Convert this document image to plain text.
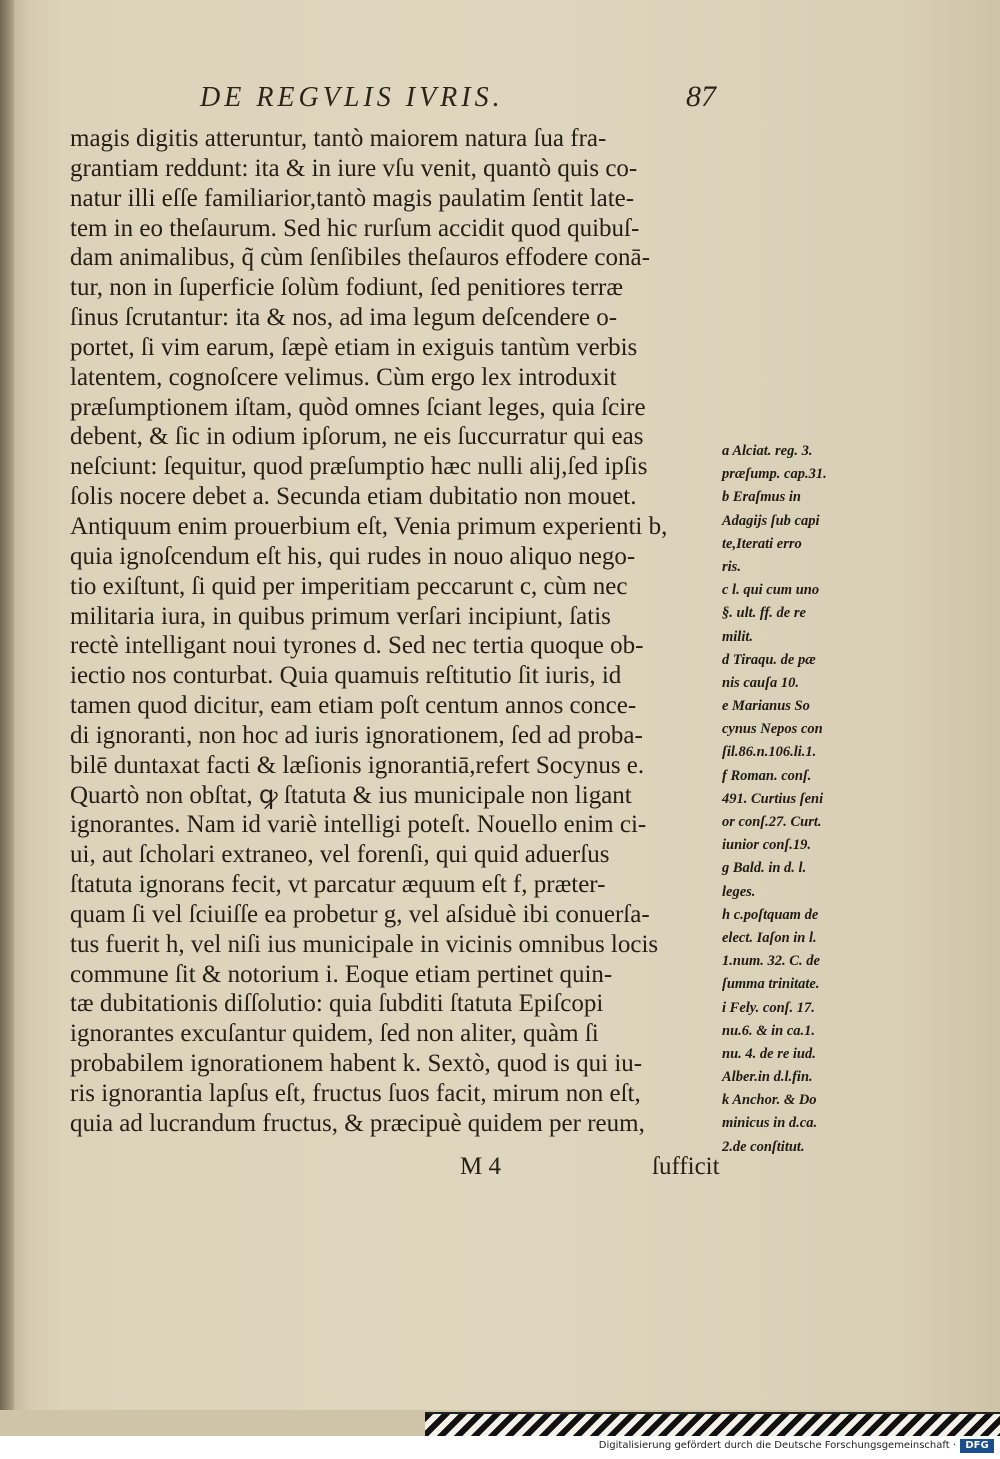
DE REGVLIS IVRIS.	87
magis digitis atteruntur, tantò maiorem natura ſua fra-
grantiam reddunt: ita & in iure vſu venit, quantò quis co-
natur illi eſſe familiarior,tantò magis paulatim ſentit late-
tem in eo theſaurum. Sed hic rurſum accidit quod quibuſ-
dam animalibus, q̃ cùm ſenſibiles theſauros effodere conā-
tur, non in ſuperficie ſolùm fodiunt, ſed penitiores terræ
ſinus ſcrutantur: ita & nos, ad ima legum deſcendere o-
portet, ſi vim earum, ſæpè etiam in exiguis tantùm verbis
latentem, cognoſcere velimus. Cùm ergo lex introduxit
præſumptionem iſtam, quòd omnes ſciant leges, quia ſcire
debent, & ſic in odium ipſorum, ne eis ſuccurratur qui eas
neſciunt: ſequitur, quod præſumptio hæc nulli alij,ſed ipſis
ſolis nocere debet a. Secunda etiam dubitatio non mouet.
Antiquum enim prouerbium eſt, Venia primum experienti b,
quia ignoſcendum eſt his, qui rudes in nouo aliquo nego-
tio exiſtunt, ſi quid per imperitiam peccarunt c, cùm nec
militaria iura, in quibus primum verſari incipiunt, ſatis
rectè intelligant noui tyrones d. Sed nec tertia quoque ob-
iectio nos conturbat. Quia quamuis reſtitutio ſit iuris, id
tamen quod dicitur, eam etiam poſt centum annos conce-
di ignoranti, non hoc ad iuris ignorationem, ſed ad proba-
bilē duntaxat facti & læſionis ignorantiā,refert Socynus e.
Quartò non obſtat, ꝙ ſtatuta & ius municipale non ligant
ignorantes. Nam id variè intelligi poteſt. Nouello enim ci-
ui, aut ſcholari extraneo, vel forenſi, qui quid aduerſus
ſtatuta ignorans fecit, vt parcatur æquum eſt f, præter-
quam ſi vel ſciuiſſe ea probetur g, vel aſsiduè ibi conuerſa-
tus fuerit h, vel niſi ius municipale in vicinis omnibus locis
commune ſit & notorium i. Eoque etiam pertinet quin-
tæ dubitationis diſſolutio: quia ſubditi ſtatuta Epiſcopi
ignorantes excuſantur quidem, ſed non aliter, quàm ſi
probabilem ignorationem habent k. Sextò, quod is qui iu-
ris ignorantia lapſus eſt, fructus ſuos facit, mirum non eſt,
quia ad lucrandum fructus, & præcipuè quidem per reum,
M 4	ſufficit
a Alciat. reg. 3.
præſump. cap.31.
b Eraſmus in
Adagijs ſub capi
te,Iterati erro
ris.
c l. qui cum uno
§. ult. ff. de re
milit.
d Tiraqu. de pæ
nis cauſa 10.
e Marianus So
cynus Nepos con
ſil.86.n.106.li.1.
f Roman. conſ.
491. Curtius ſeni
or conſ.27. Curt.
iunior conſ.19.
g Bald. in d. l.
leges.
h c.poſtquam de
elect. Iaſon in l.
1.num. 32. C. de
ſumma trinitate.
i Fely. conſ. 17.
nu.6. & in ca.1.
nu. 4. de re iud.
Alber.in d.l.fin.
k Anchor. & Do
minicus in d.ca.
2.de conſtitut.
Digitalisierung gefördert durch die Deutsche Forschungsgemeinschaft · DFG
